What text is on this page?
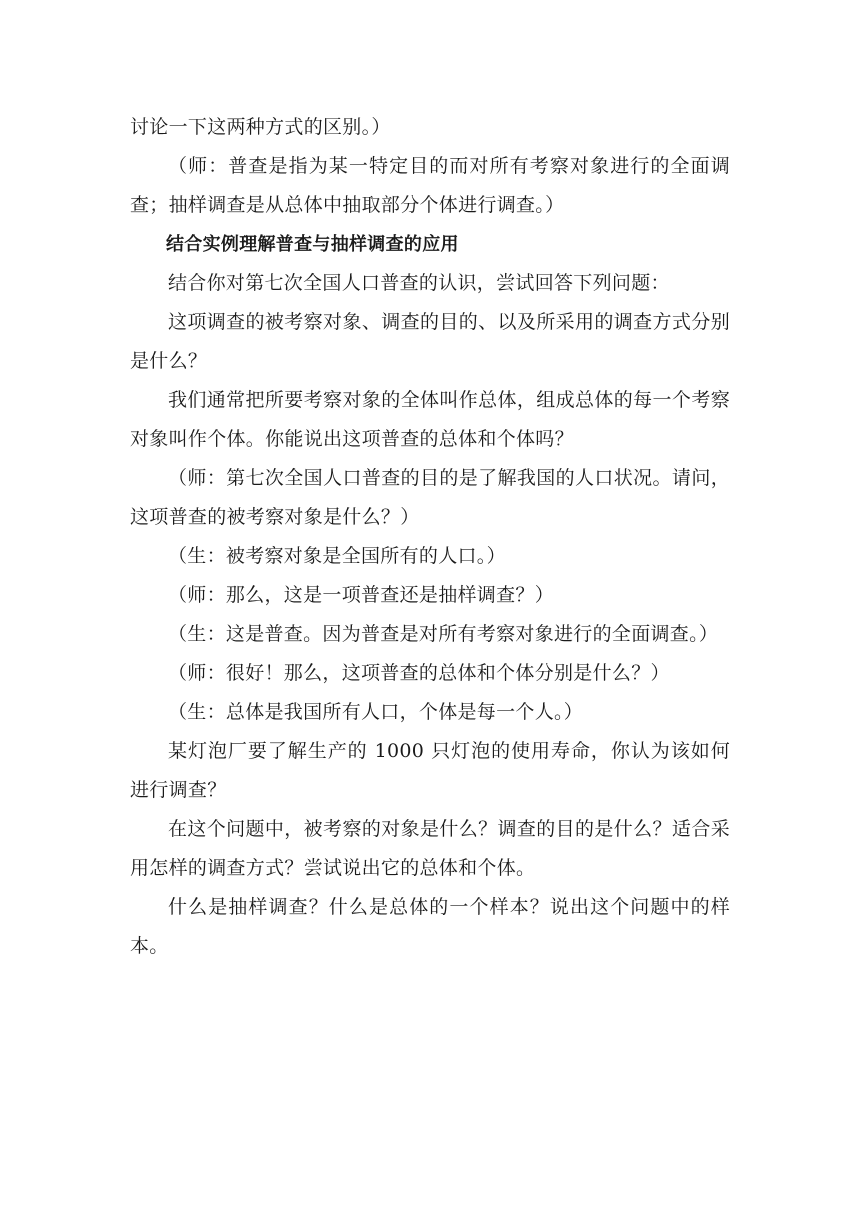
讨论一下这两种方式的区别。）

（师：普查是指为某一特定目的而对所有考察对象进行的全面调查；抽样调查是从总体中抽取部分个体进行调查。）

结合实例理解普查与抽样调查的应用

结合你对第七次全国人口普查的认识，尝试回答下列问题：

这项调查的被考察对象、调查的目的、以及所采用的调查方式分别是什么？

我们通常把所要考察对象的全体叫作总体，组成总体的每一个考察对象叫作个体。你能说出这项普查的总体和个体吗？

（师：第七次全国人口普查的目的是了解我国的人口状况。请问，这项普查的被考察对象是什么？）

（生：被考察对象是全国所有的人口。）

（师：那么，这是一项普查还是抽样调查？）

（生：这是普查。因为普查是对所有考察对象进行的全面调查。）

（师：很好！那么，这项普查的总体和个体分别是什么？）

（生：总体是我国所有人口，个体是每一个人。）

某灯泡厂要了解生产的 1000 只灯泡的使用寿命，你认为该如何进行调查？

在这个问题中，被考察的对象是什么？调查的目的是什么？适合采用怎样的调查方式？尝试说出它的总体和个体。

什么是抽样调查？什么是总体的一个样本？说出这个问题中的样本。
